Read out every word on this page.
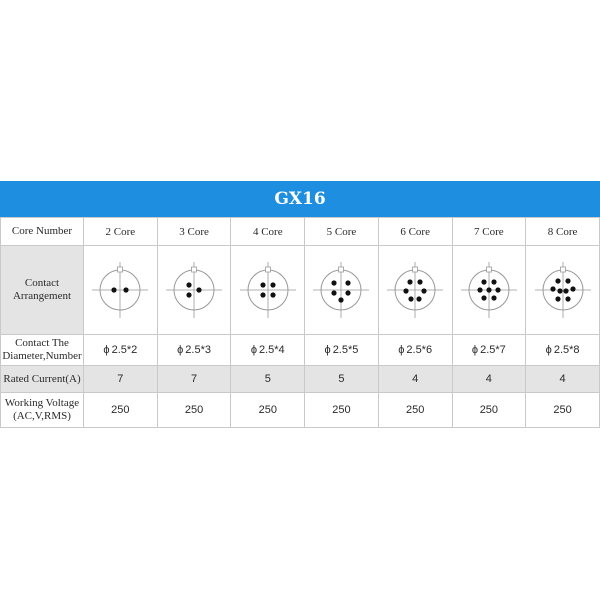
GX16
Core Number	2 Core	3 Core	4 Core	5 Core	6 Core	7 Core	8 Core

Contact
Arrangement

Contact The
Diameter,Number	ϕ 2.5*2	ϕ 2.5*3	ϕ 2.5*4	ϕ 2.5*5	ϕ 2.5*6	ϕ 2.5*7	ϕ 2.5*8
Rated Current(A)	7	7	5	5	4	4	4

Working Voltage
(AC,V,RMS)	250	250	250	250	250	250	250
